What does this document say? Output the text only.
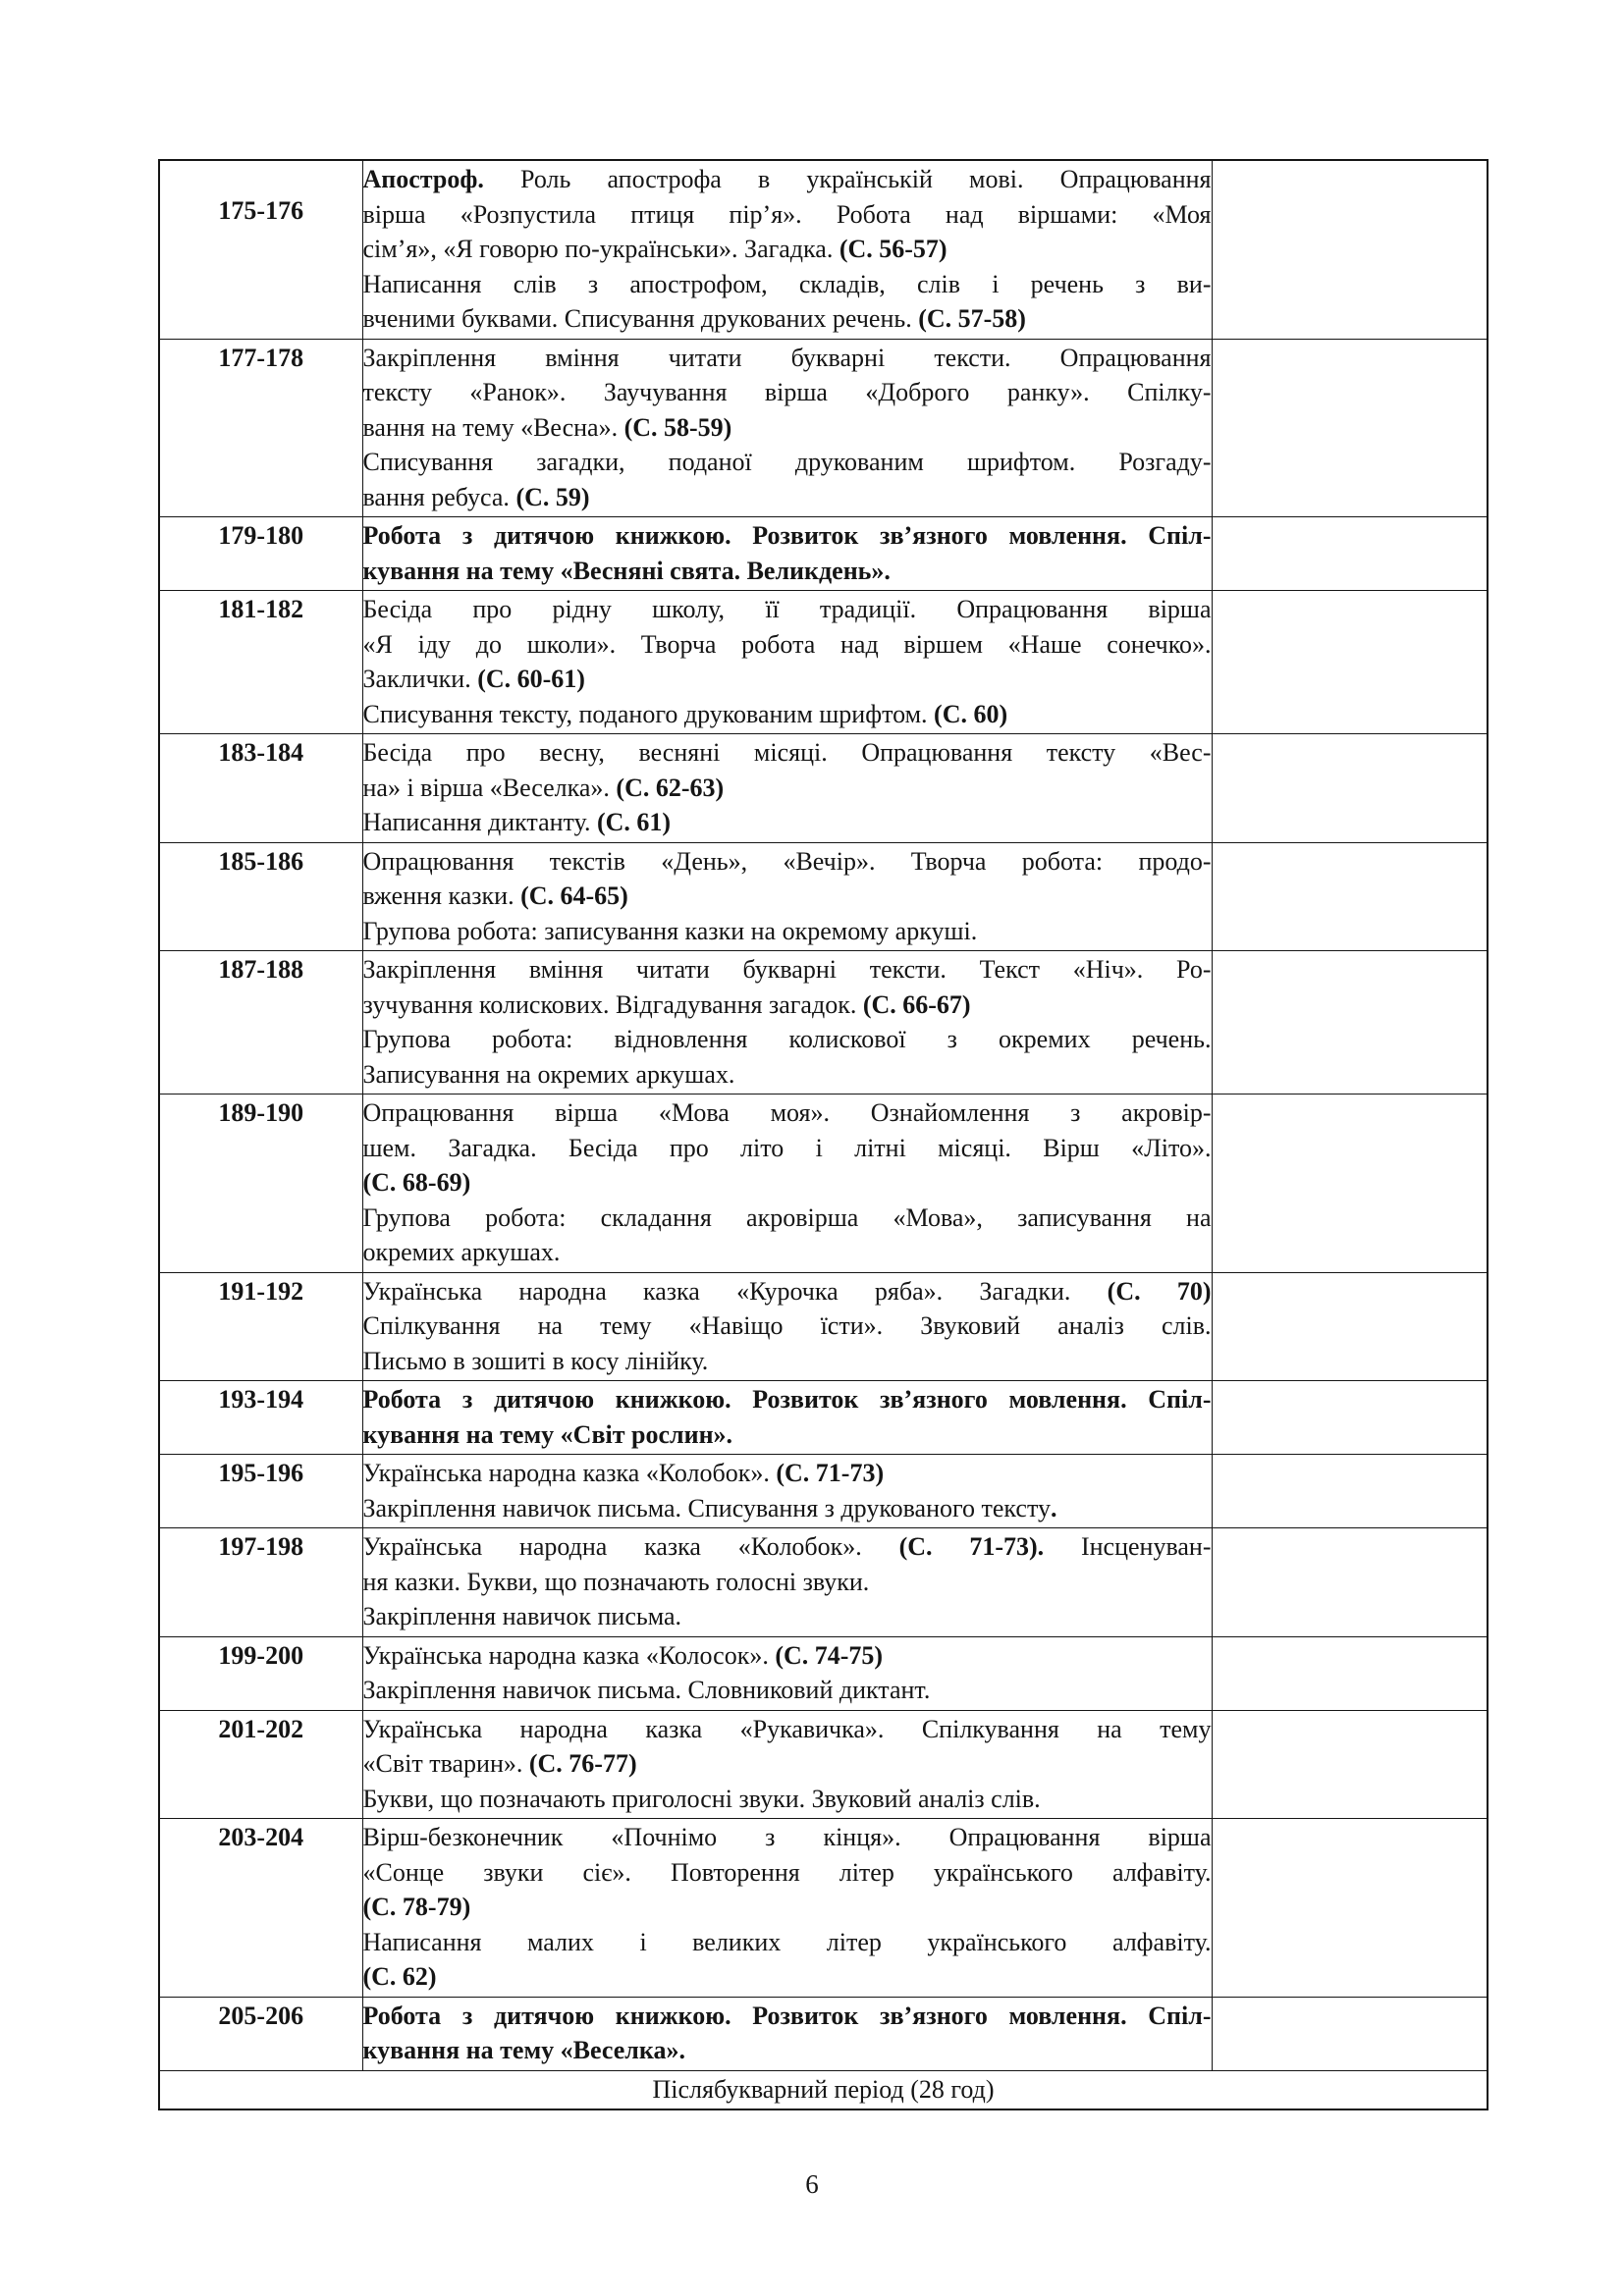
175-176	Апостроф. Роль апострофа в українській мові. Опрацювання
вірша «Розпустила птиця пір’я». Робота над віршами: «Моя
сім’я», «Я говорю по-українськи». Загадка. (С. 56-57)
Написання слів з апострофом, складів, слів і речень з ви-
вченими буквами. Списування друкованих речень. (С. 57-58)	

177-178	Закріплення вміння читати букварні тексти. Опрацювання
тексту «Ранок». Заучування вірша «Доброго ранку». Спілку-
вання на тему «Весна». (С. 58-59)
Списування загадки, поданої друкованим шрифтом. Розгаду-
вання ребуса. (С. 59)	

179-180	Робота з дитячою книжкою. Розвиток зв’язного мовлення. Спіл-
кування на тему «Весняні свята. Великдень».	

181-182	Бесіда про рідну школу, її традиції. Опрацювання вірша
«Я іду до школи». Творча робота над віршем «Наше сонечко».
Заклички. (С. 60-61)
Списування тексту, поданого друкованим шрифтом. (С. 60)	

183-184	Бесіда про весну, весняні місяці. Опрацювання тексту «Вес-
на» і вірша «Веселка». (С. 62-63)
Написання диктанту. (С. 61)	

185-186	Опрацювання текстів «День», «Вечір». Творча робота: продо-
вження казки. (С. 64-65)
Групова робота: записування казки на окремому аркуші.	

187-188	Закріплення вміння читати букварні тексти. Текст «Ніч». Ро-
зучування колискових. Відгадування загадок. (С. 66-67)
Групова робота: відновлення колискової з окремих речень.
Записування на окремих аркушах.	

189-190	Опрацювання вірша «Мова моя». Ознайомлення з акровір-
шем. Загадка. Бесіда про літо і літні місяці. Вірш «Літо».
(С. 68-69)
Групова робота: складання акровірша «Мова», записування на
окремих аркушах.	

191-192	Українська народна казка «Курочка ряба». Загадки. (С. 70)
Спілкування на тему «Навіщо їсти». Звуковий аналіз слів.
Письмо в зошиті в косу лінійку.	

193-194	Робота з дитячою книжкою. Розвиток зв’язного мовлення. Спіл-
кування на тему «Світ рослин».	

195-196	Українська народна казка «Колобок». (С. 71-73)
Закріплення навичок письма. Списування з друкованого тексту.	

197-198	Українська народна казка «Колобок». (С. 71-73). Інсценуван-
ня казки. Букви, що позначають голосні звуки.
Закріплення навичок письма.	

199-200	Українська народна казка «Колосок». (С. 74-75)
Закріплення навичок письма. Словниковий диктант.	

201-202	Українська народна казка «Рукавичка». Спілкування на тему
«Світ тварин». (С. 76-77)
Букви, що позначають приголосні звуки. Звуковий аналіз слів.	

203-204	Вірш-безконечник «Почнімо з кінця». Опрацювання вірша
«Сонце звуки сіє». Повторення літер українського алфавіту.
(С. 78-79)
Написання малих і великих літер українського алфавіту.
(С. 62)	

205-206	Робота з дитячою книжкою. Розвиток зв’язного мовлення. Спіл-
кування на тему «Веселка».	

Післябукварний період (28 год)		
6
